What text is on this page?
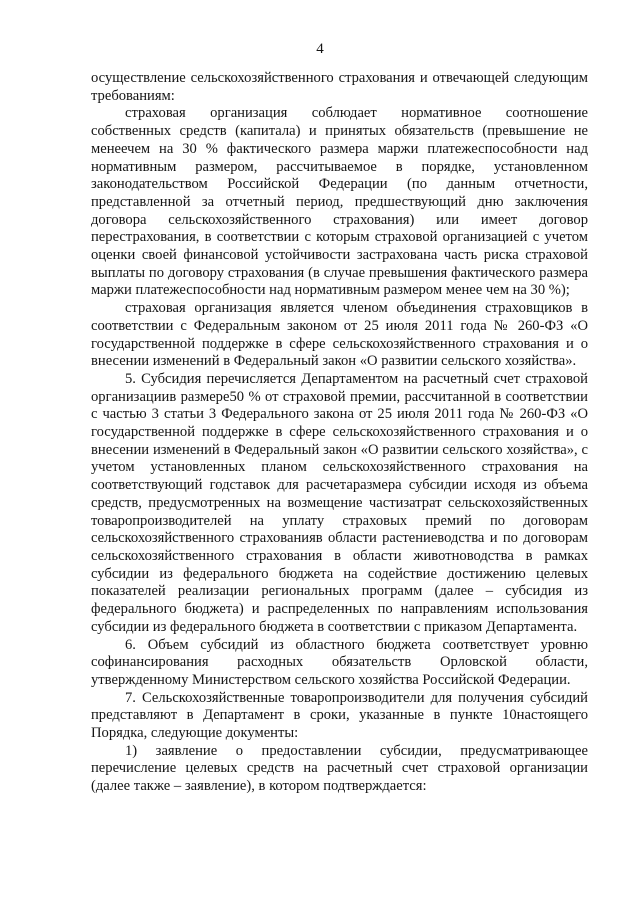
4

осуществление сельскохозяйственного страхования и отвечающей следующим требованиям:

страховая организация соблюдает нормативное соотношение собственных средств (капитала) и принятых обязательств (превышение не менеечем на 30 % фактического размера маржи платежеспособности над нормативным размером, рассчитываемое в порядке, установленном законодательством Российской Федерации (по данным отчетности, представленной за отчетный период, предшествующий дню заключения договора сельскохозяйственного страхования) или имеет договор перестрахования, в соответствии с которым страховой организацией с учетом оценки своей финансовой устойчивости застрахована часть риска страховой выплаты по договору страхования (в случае превышения фактического размера маржи платежеспособности над нормативным размером менее чем на 30 %);

страховая организация является членом объединения страховщиков в соответствии с Федеральным законом от 25 июля 2011 года № 260-ФЗ «О государственной поддержке в сфере сельскохозяйственного страхования и о внесении изменений в Федеральный закон «О развитии сельского хозяйства».

5. Субсидия перечисляется Департаментом на расчетный счет страховой организациив размере50 % от страховой премии, рассчитанной в соответствии с частью 3 статьи 3 Федерального закона от 25 июля 2011 года № 260-ФЗ «О государственной поддержке в сфере сельскохозяйственного страхования и о внесении изменений в Федеральный закон «О развитии сельского хозяйства», с учетом установленных планом сельскохозяйственного страхования на соответствующий годставок для расчетаразмера субсидии исходя из объема средств, предусмотренных на возмещение частизатрат сельскохозяйственных товаропроизводителей на уплату страховых премий по договорам сельскохозяйственного страхованияв области растениеводства и по договорам сельскохозяйственного страхования в области животноводства в рамках субсидии из федерального бюджета на содействие достижению целевых показателей реализации региональных программ (далее – субсидия из федерального бюджета) и распределенных по направлениям использования субсидии из федерального бюджета в соответствии с приказом Департамента.

6. Объем субсидий из областного бюджета соответствует уровню софинансирования расходных обязательств Орловской области, утвержденному Министерством сельского хозяйства Российской Федерации.

7. Сельскохозяйственные товаропроизводители для получения субсидий представляют в Департамент в сроки, указанные в пункте 10настоящего Порядка, следующие документы:

1) заявление о предоставлении субсидии, предусматривающее перечисление целевых средств на расчетный счет страховой организации (далее также – заявление), в котором подтверждается:
